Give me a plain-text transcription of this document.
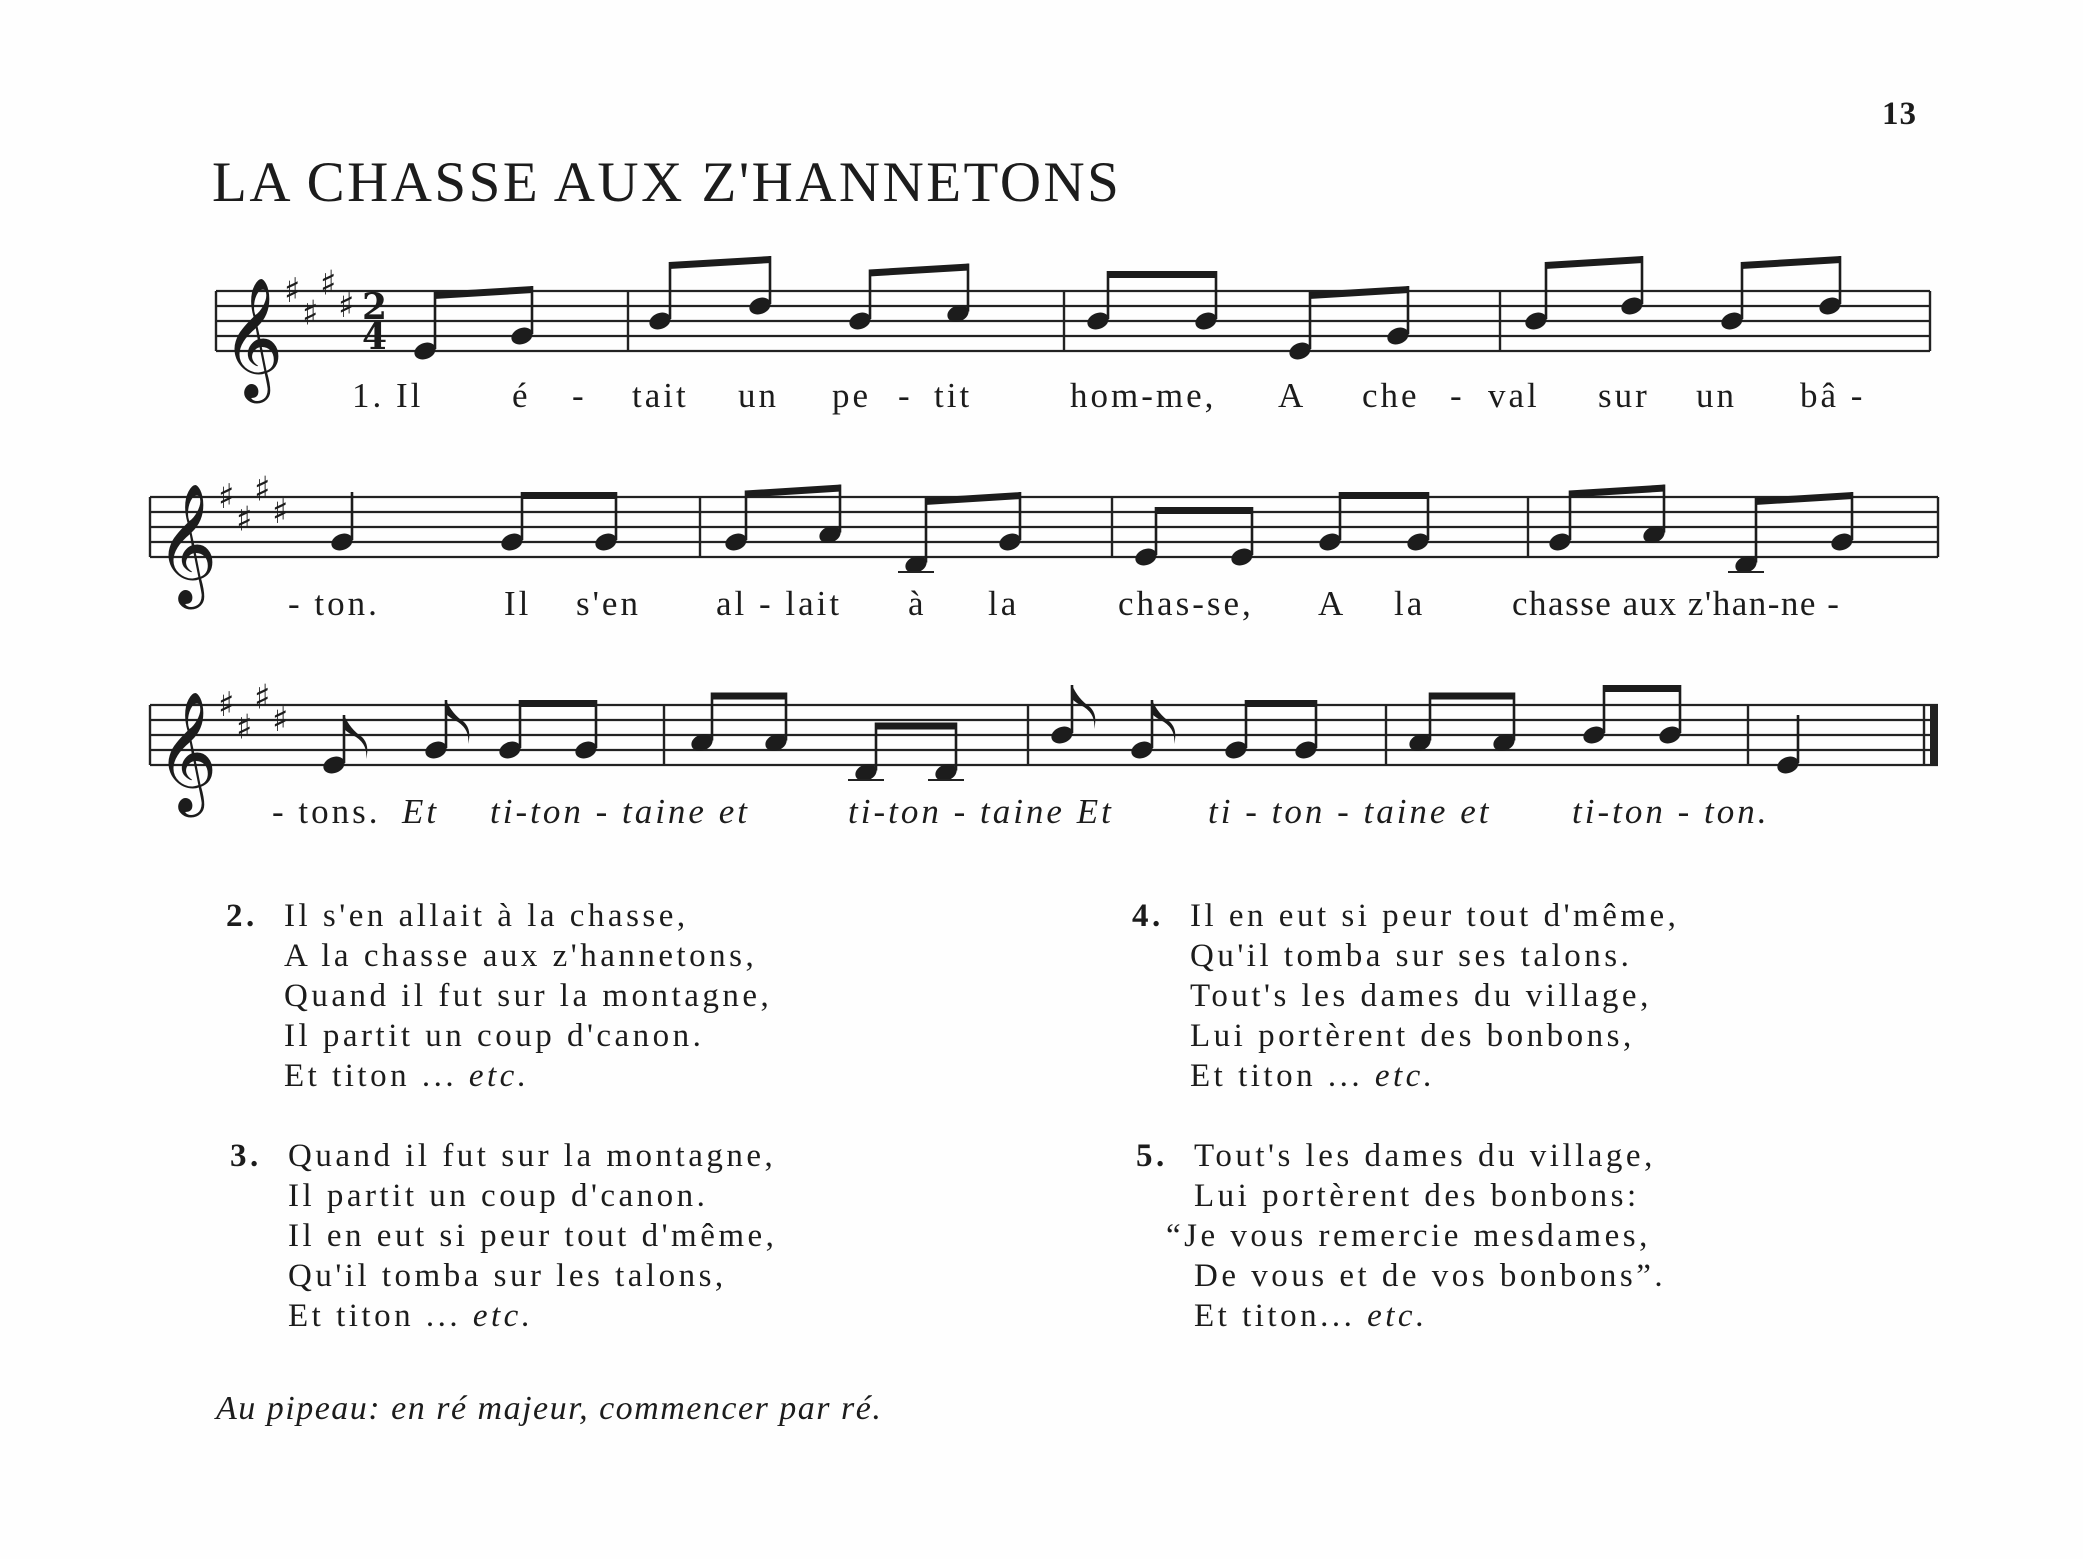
13
LA CHASSE AUX Z'HANNETONS
𝄞 ♯
♯
♯
♯ 2
4
𝄞 ♯
♯
♯
♯
𝄞 ♯
♯
♯
♯
1. Il	é - tait un pe - tit	hom-me, A che - val sur un bâ -
- ton.	Il s'en al - lait à la	chas-se, A la chasse aux z'han-ne -
- tons. Et ti-ton - taine et	ti-ton - taine Et	ti - ton - taine et ti-ton - ton.
2. Il s'en allait à la chasse,
A la chasse aux z'hannetons,
Quand il fut sur la montagne,
Il partit un coup d'canon.
Et titon ... etc.
3. Quand il fut sur la montagne,
Il partit un coup d'canon.
Il en eut si peur tout d'même,
Qu'il tomba sur les talons,
Et titon ... etc.
4. Il en eut si peur tout d'même,
Qu'il tomba sur ses talons.
Tout's les dames du village,
Lui portèrent des bonbons,
Et titon ... etc.
5. Tout's les dames du village,
Lui portèrent des bonbons:
“Je vous remercie mesdames,
De vous et de vos bonbons”.
Et titon... etc.
Au pipeau: en ré majeur, commencer par ré.
